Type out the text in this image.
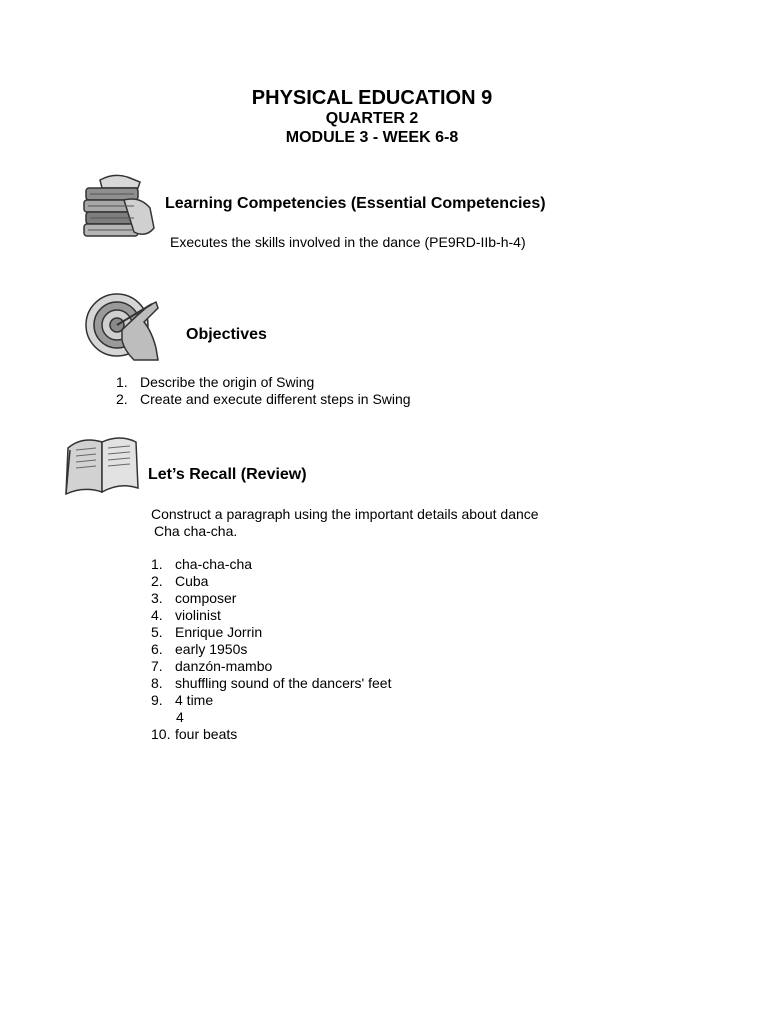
PHYSICAL EDUCATION 9
QUARTER 2
MODULE 3 - WEEK 6-8
Learning Competencies (Essential Competencies)
Executes the skills involved in the dance (PE9RD-IIb-h-4)
Objectives
1. Describe the origin of Swing
2. Create and execute different steps in Swing
Let’s Recall (Review)
Construct a paragraph using the important details about dance
Cha cha-cha.
1. cha-cha-cha
2. Cuba
3. composer
4. violinist
5. Enrique Jorrin
6. early 1950s
7. danzón-mambo
8. shuffling sound of the dancers' feet
9. 4 time
4
10. four beats
